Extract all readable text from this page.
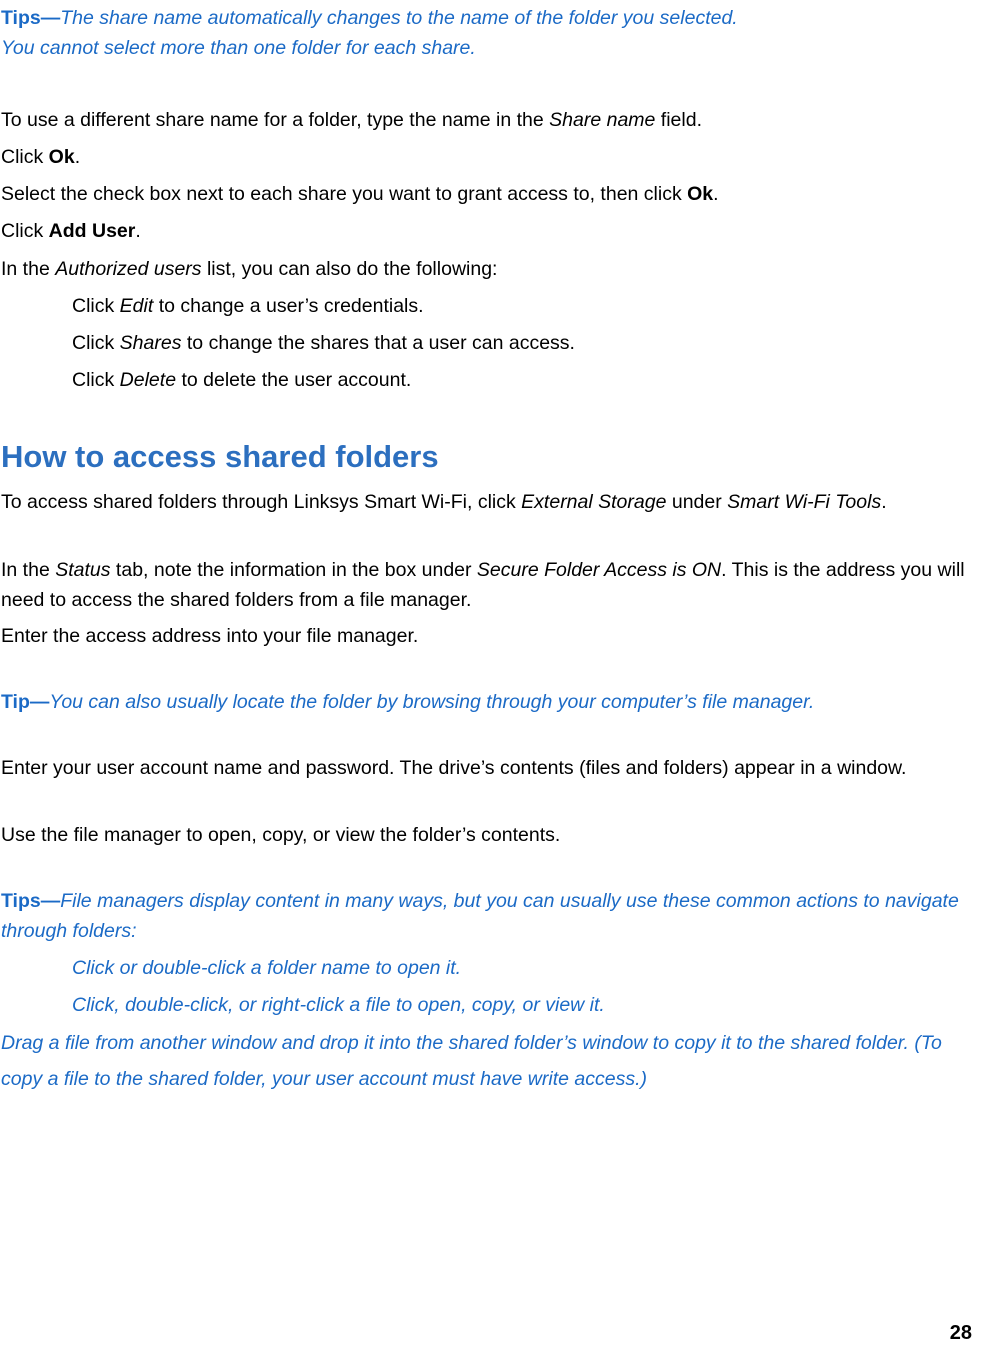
Tips—The share name automatically changes to the name of the folder you selected.

You cannot select more than one folder for each share.

To use a different share name for a folder, type the name in the Share name field.

Click Ok.

Select the check box next to each share you want to grant access to, then click Ok.

Click Add User.

In the Authorized users list, you can also do the following:

Click Edit to change a user’s credentials.

Click Shares to change the shares that a user can access.

Click Delete to delete the user account.

How to access shared folders

To access shared folders through Linksys Smart Wi-Fi, click External Storage under Smart Wi-Fi Tools.

In the Status tab, note the information in the box under Secure Folder Access is ON. This is the address you will need to access the shared folders from a file manager.

Enter the access address into your file manager.

Tip—You can also usually locate the folder by browsing through your computer’s file manager.

Enter your user account name and password. The drive’s contents (files and folders) appear in a window.

Use the file manager to open, copy, or view the folder’s contents.

Tips—File managers display content in many ways, but you can usually use these common actions to navigate through folders:

Click or double-click a folder name to open it.

Click, double-click, or right-click a file to open, copy, or view it.

Drag a file from another window and drop it into the shared folder’s window to copy it to the shared folder. (To copy a file to the shared folder, your user account must have write access.)

28
